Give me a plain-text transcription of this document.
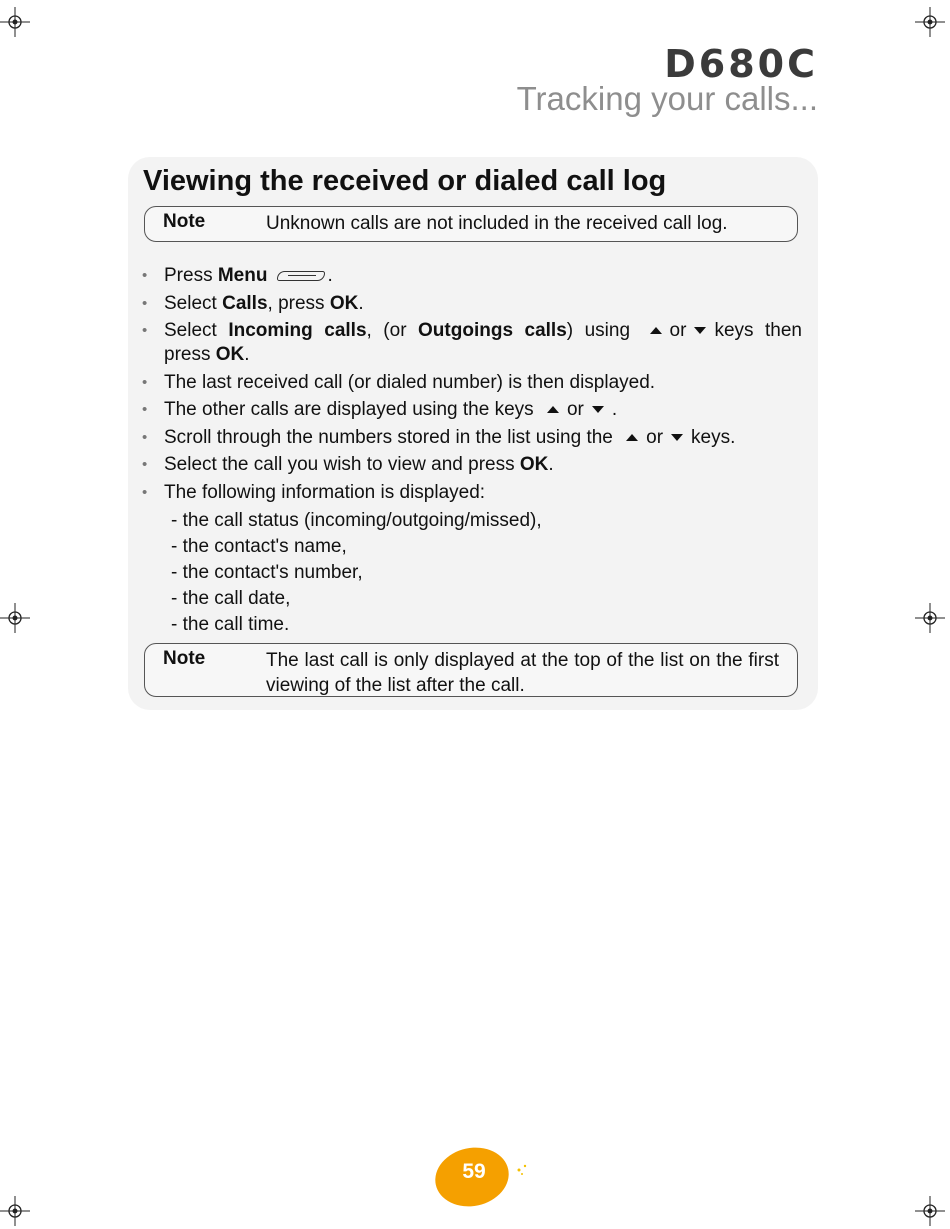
D680C
Tracking your calls...
Viewing the received or dialed call log
Note	Unknown calls are not included in the received call log.
• Press Menu	.
• Select Calls, press OK.
• Select Incoming calls, (or Outgoings calls) using or keys then press OK.
• The last received call (or dialed number) is then displayed.
• The other calls are displayed using the keys or .
• Scroll through the numbers stored in the list using the or keys.
• Select the call you wish to view and press OK.
• The following information is displayed:
- the call status (incoming/outgoing/missed),
- the contact's name,
- the contact's number,
- the call date,
- the call time.
Note	The last call is only displayed at the top of the list on the first viewing of the list after the call.
59
